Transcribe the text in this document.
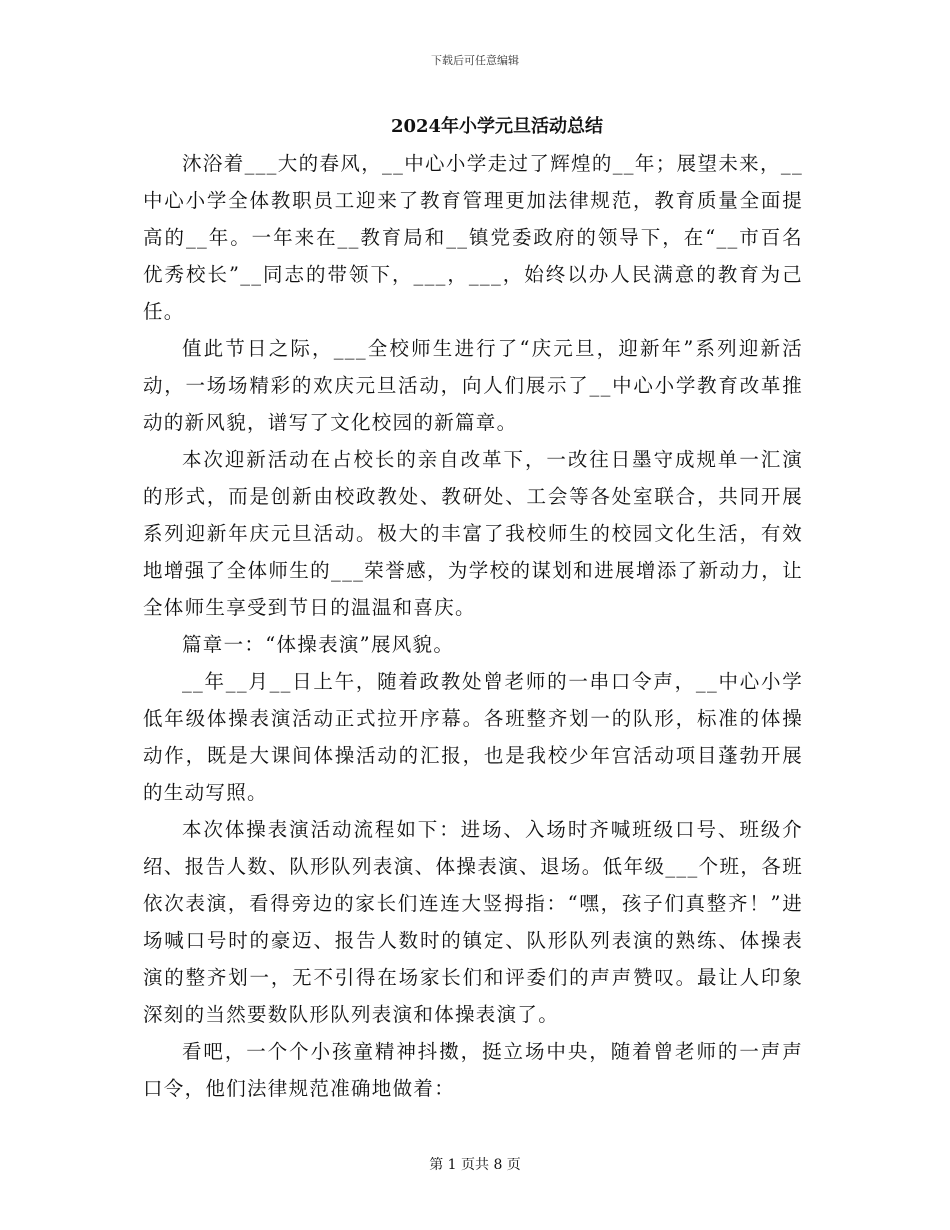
下载后可任意编辑
2024年小学元旦活动总结

沐浴着___大的春风，__中心小学走过了辉煌的__年；展望未来，__中心小学全体教职员工迎来了教育管理更加法律规范，教育质量全面提高的__年。一年来在__教育局和__镇党委政府的领导下，在“__市百名优秀校长”__同志的带领下，___，___，始终以办人民满意的教育为己任。

值此节日之际，___全校师生进行了“庆元旦，迎新年”系列迎新活动，一场场精彩的欢庆元旦活动，向人们展示了__中心小学教育改革推动的新风貌，谱写了文化校园的新篇章。

本次迎新活动在占校长的亲自改革下，一改往日墨守成规单一汇演的形式，而是创新由校政教处、教研处、工会等各处室联合，共同开展系列迎新年庆元旦活动。极大的丰富了我校师生的校园文化生活，有效地增强了全体师生的___荣誉感，为学校的谋划和进展增添了新动力，让全体师生享受到节日的温温和喜庆。

篇章一：“体操表演”展风貌。

__年__月__日上午，随着政教处曾老师的一串口令声，__中心小学低年级体操表演活动正式拉开序幕。各班整齐划一的队形，标准的体操动作，既是大课间体操活动的汇报，也是我校少年宫活动项目蓬勃开展的生动写照。

本次体操表演活动流程如下：进场、入场时齐喊班级口号、班级介绍、报告人数、队形队列表演、体操表演、退场。低年级___个班，各班依次表演，看得旁边的家长们连连大竖拇指：“嘿，孩子们真整齐！”进场喊口号时的豪迈、报告人数时的镇定、队形队列表演的熟练、体操表演的整齐划一，无不引得在场家长们和评委们的声声赞叹。最让人印象深刻的当然要数队形队列表演和体操表演了。

看吧，一个个小孩童精神抖擞，挺立场中央，随着曾老师的一声声口令，他们法律规范准确地做着：

第 1 页共 8 页
